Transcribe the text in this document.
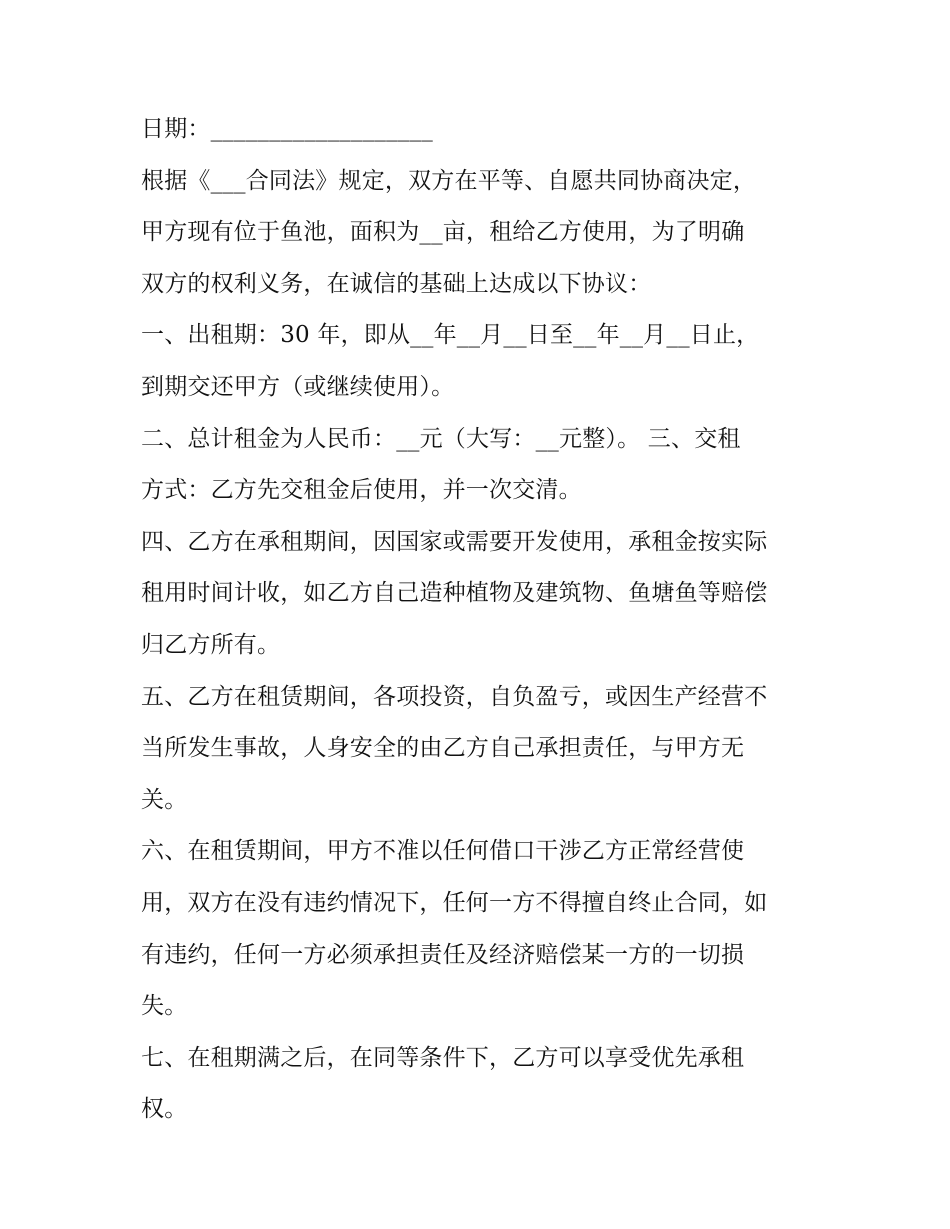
日期：___________________
根据《___合同法》规定，双方在平等、自愿共同协商决定，
甲方现有位于鱼池，面积为__亩，租给乙方使用，为了明确
双方的权利义务，在诚信的基础上达成以下协议：
一、出租期：30 年，即从__年__月__日至__年__月__日止，
到期交还甲方（或继续使用）。
二、总计租金为人民币：__元（大写：__元整）。 三、交租
方式：乙方先交租金后使用，并一次交清。
四、乙方在承租期间，因国家或需要开发使用，承租金按实际
租用时间计收，如乙方自己造种植物及建筑物、鱼塘鱼等赔偿
归乙方所有。
五、乙方在租赁期间，各项投资，自负盈亏，或因生产经营不
当所发生事故，人身安全的由乙方自己承担责任，与甲方无
关。
六、在租赁期间，甲方不准以任何借口干涉乙方正常经营使
用，双方在没有违约情况下，任何一方不得擅自终止合同，如
有违约，任何一方必须承担责任及经济赔偿某一方的一切损
失。
七、在租期满之后，在同等条件下，乙方可以享受优先承租
权。
